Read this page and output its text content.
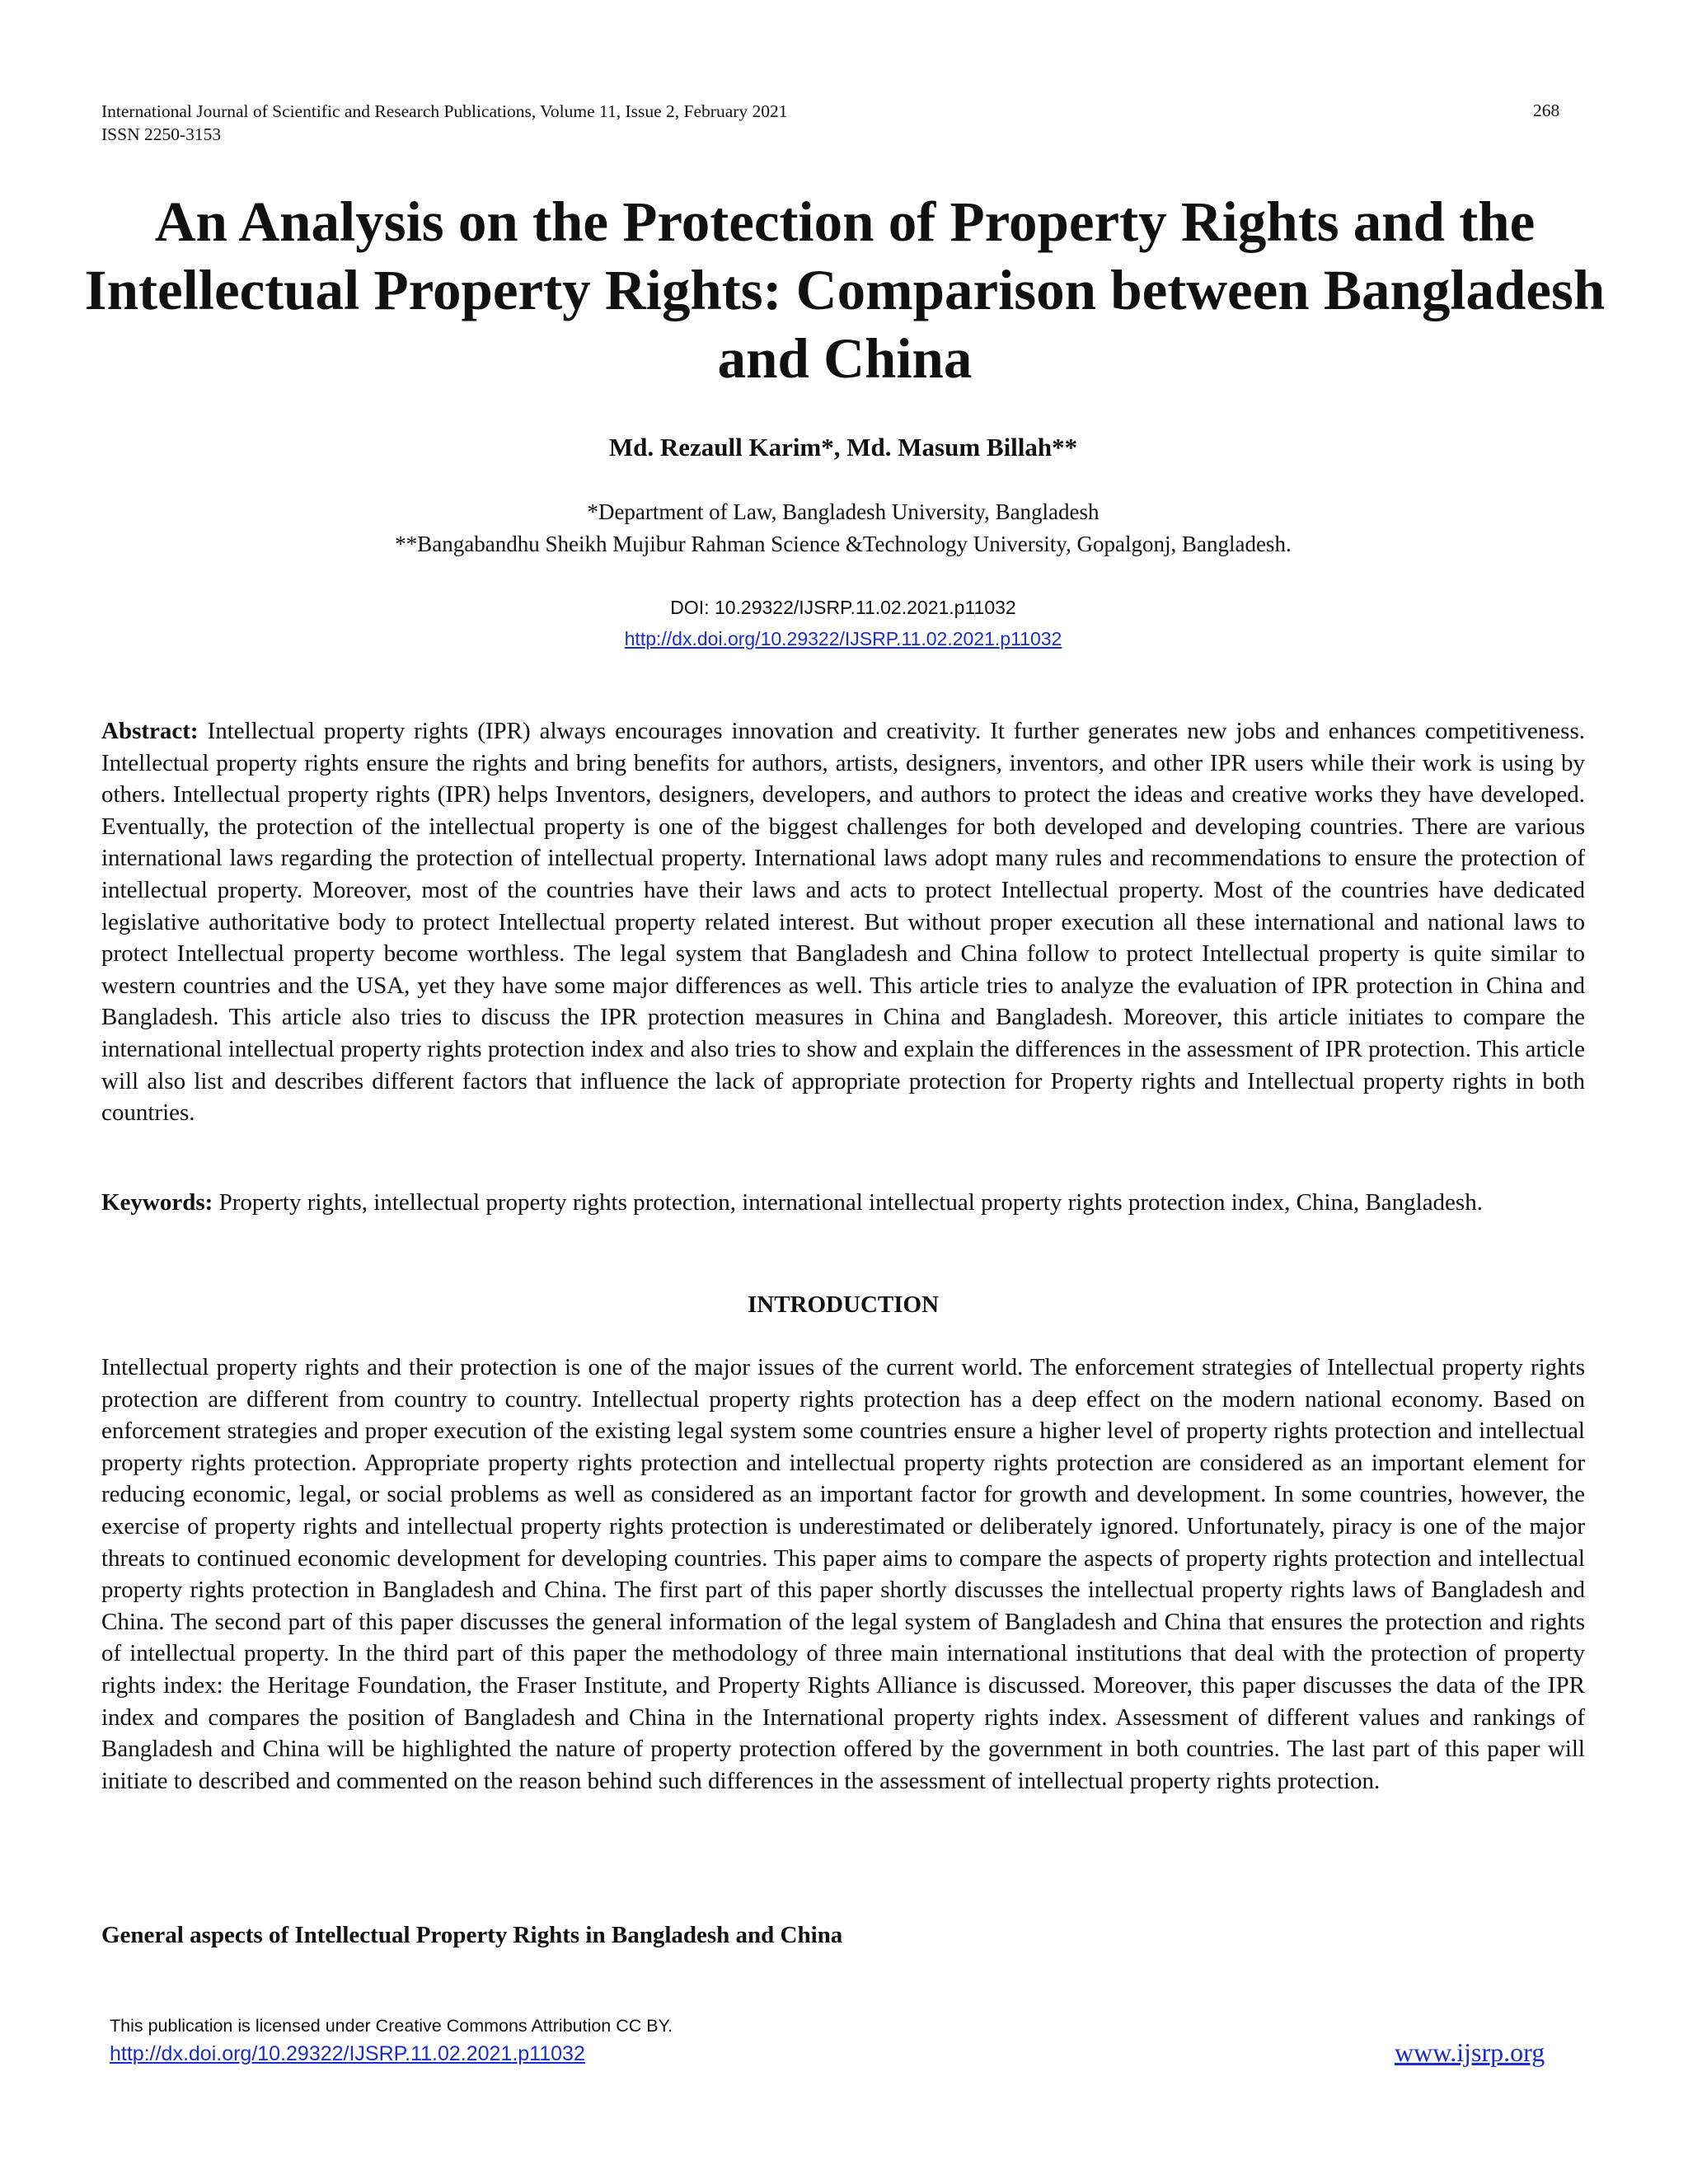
International Journal of Scientific and Research Publications, Volume 11, Issue 2, February 2021
ISSN 2250-3153
268
An Analysis on the Protection of Property Rights and the Intellectual Property Rights: Comparison between Bangladesh and China
Md. Rezaull Karim*, Md. Masum Billah**
*Department of Law, Bangladesh University, Bangladesh
**Bangabandhu Sheikh Mujibur Rahman Science &Technology University, Gopalgonj, Bangladesh.
DOI: 10.29322/IJSRP.11.02.2021.p11032
http://dx.doi.org/10.29322/IJSRP.11.02.2021.p11032

Abstract: Intellectual property rights (IPR) always encourages innovation and creativity. It further generates new jobs and enhances competitiveness. Intellectual property rights ensure the rights and bring benefits for authors, artists, designers, inventors, and other IPR users while their work is using by others. Intellectual property rights (IPR) helps Inventors, designers, developers, and authors to protect the ideas and creative works they have developed. Eventually, the protection of the intellectual property is one of the biggest challenges for both developed and developing countries. There are various international laws regarding the protection of intellectual property. International laws adopt many rules and recommendations to ensure the protection of intellectual property. Moreover, most of the countries have their laws and acts to protect Intellectual property. Most of the countries have dedicated legislative authoritative body to protect Intellectual property related interest. But without proper execution all these international and national laws to protect Intellectual property become worthless. The legal system that Bangladesh and China follow to protect Intellectual property is quite similar to western countries and the USA, yet they have some major differences as well. This article tries to analyze the evaluation of IPR protection in China and Bangladesh. This article also tries to discuss the IPR protection measures in China and Bangladesh. Moreover, this article initiates to compare the international intellectual property rights protection index and also tries to show and explain the differences in the assessment of IPR protection. This article will also list and describes different factors that influence the lack of appropriate protection for Property rights and Intellectual property rights in both countries.

Keywords: Property rights, intellectual property rights protection, international intellectual property rights protection index, China, Bangladesh.

INTRODUCTION

Intellectual property rights and their protection is one of the major issues of the current world. The enforcement strategies of Intellectual property rights protection are different from country to country. Intellectual property rights protection has a deep effect on the modern national economy. Based on enforcement strategies and proper execution of the existing legal system some countries ensure a higher level of property rights protection and intellectual property rights protection. Appropriate property rights protection and intellectual property rights protection are considered as an important element for reducing economic, legal, or social problems as well as considered as an important factor for growth and development. In some countries, however, the exercise of property rights and intellectual property rights protection is underestimated or deliberately ignored. Unfortunately, piracy is one of the major threats to continued economic development for developing countries. This paper aims to compare the aspects of property rights protection and intellectual property rights protection in Bangladesh and China. The first part of this paper shortly discusses the intellectual property rights laws of Bangladesh and China. The second part of this paper discusses the general information of the legal system of Bangladesh and China that ensures the protection and rights of intellectual property. In the third part of this paper the methodology of three main international institutions that deal with the protection of property rights index: the Heritage Foundation, the Fraser Institute, and Property Rights Alliance is discussed. Moreover, this paper discusses the data of the IPR index and compares the position of Bangladesh and China in the International property rights index. Assessment of different values and rankings of Bangladesh and China will be highlighted the nature of property protection offered by the government in both countries. The last part of this paper will initiate to described and commented on the reason behind such differences in the assessment of intellectual property rights protection.

General aspects of Intellectual Property Rights in Bangladesh and China
This publication is licensed under Creative Commons Attribution CC BY.
http://dx.doi.org/10.29322/IJSRP.11.02.2021.p11032	www.ijsrp.org
